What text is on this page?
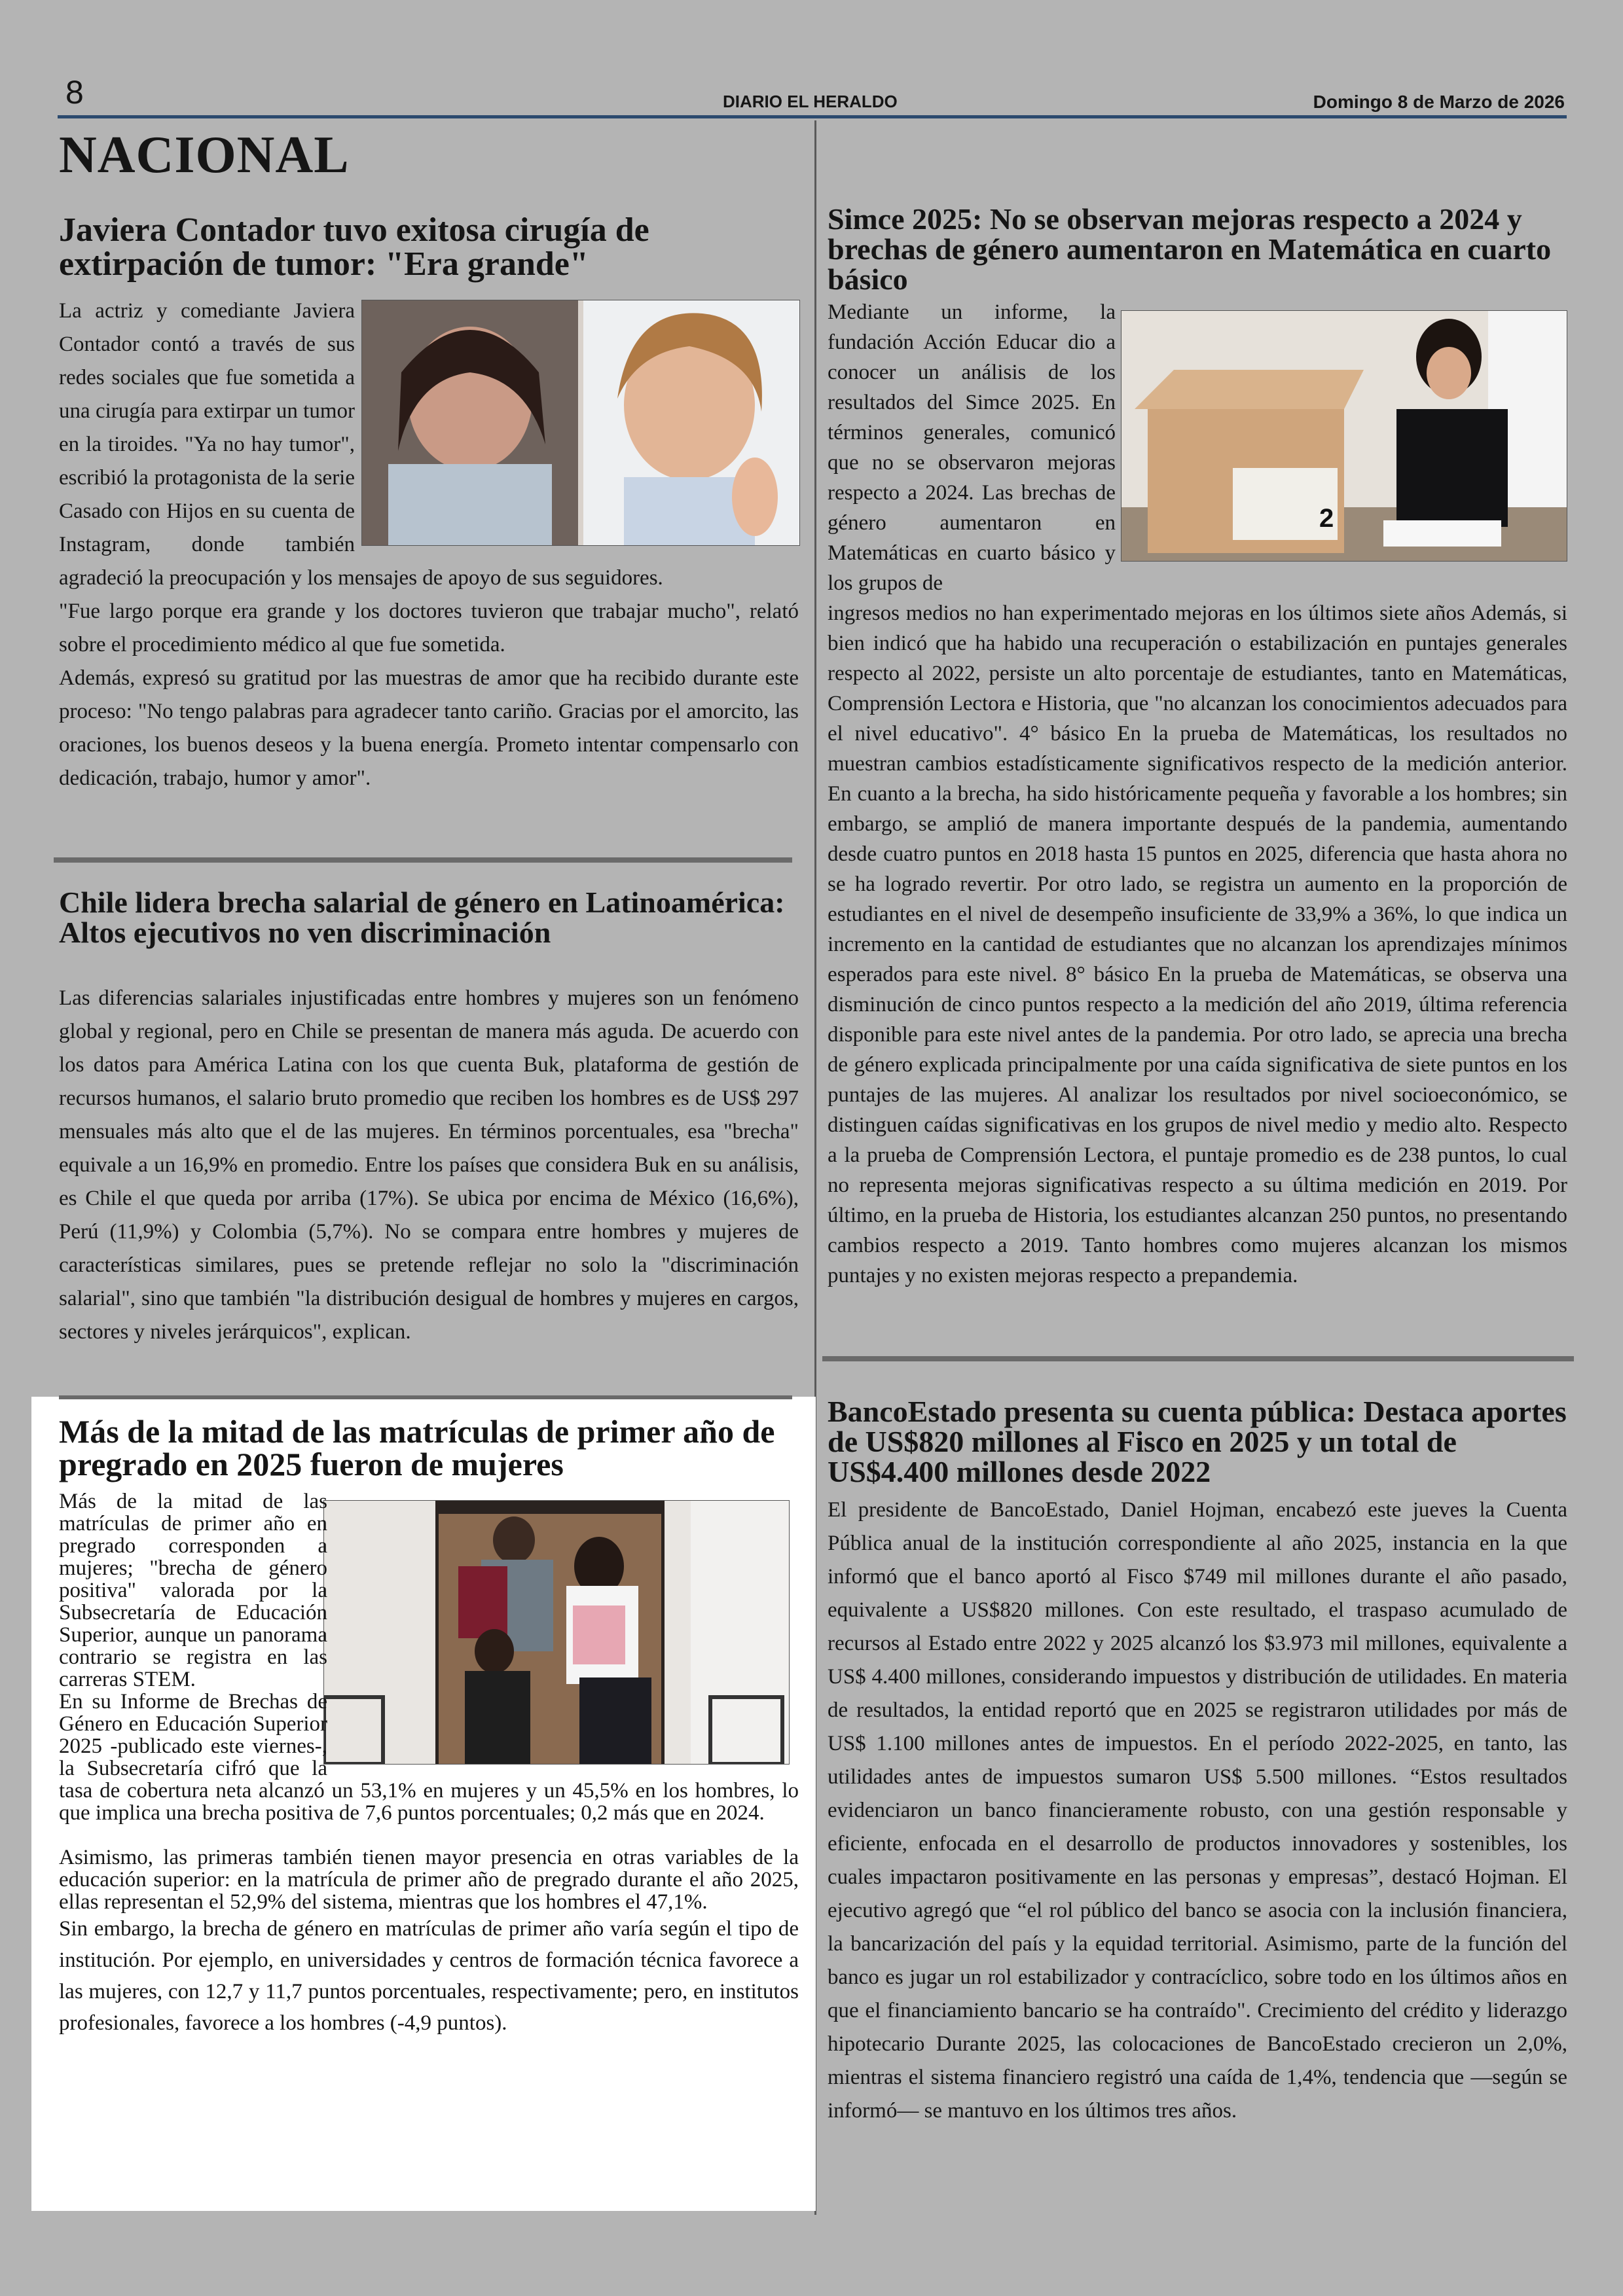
8	DIARIO EL HERALDO	Domingo 8 de Marzo de 2026
NACIONAL
Javiera Contador tuvo exitosa cirugía de extirpación de tumor: "Era grande"

La actriz y comediante Javiera Contador contó a través de sus redes sociales que fue sometida a una cirugía para extirpar un tumor en la tiroides. "Ya no hay tumor", escribió la protagonista de la serie Casado con Hijos en su cuenta de Instagram, donde también agradeció la preocupación y los mensajes de apoyo de sus seguidores.

"Fue largo porque era grande y los doctores tuvieron que trabajar mucho", relató sobre el procedimiento médico al que fue sometida.

Además, expresó su gratitud por las muestras de amor que ha recibido durante este proceso: "No tengo palabras para agradecer tanto cariño. Gracias por el amorcito, las oraciones, los buenos deseos y la buena energía. Prometo intentar compensarlo con dedicación, trabajo, humor y amor".

Chile lidera brecha salarial de género en Latinoamérica: Altos ejecutivos no ven discriminación

Las diferencias salariales injustificadas entre hombres y mujeres son un fenómeno global y regional, pero en Chile se presentan de manera más aguda. De acuerdo con los datos para América Latina con los que cuenta Buk, plataforma de gestión de recursos humanos, el salario bruto promedio que reciben los hombres es de US$ 297 mensuales más alto que el de las mujeres. En términos porcentuales, esa "brecha" equivale a un 16,9% en promedio. Entre los países que considera Buk en su análisis, es Chile el que queda por arriba (17%). Se ubica por encima de México (16,6%), Perú (11,9%) y Colombia (5,7%). No se compara entre hombres y mujeres de características similares, pues se pretende reflejar no solo la "discriminación salarial", sino que también "la distribución desigual de hombres y mujeres en cargos, sectores y niveles jerárquicos", explican.

Más de la mitad de las matrículas de primer año de pregrado en 2025 fueron de mujeres

Más de la mitad de las matrículas de primer año en pregrado corresponden a mujeres; "brecha de género positiva" valorada por la Subsecretaría de Educación Superior, aunque un panorama contrario se registra en las carreras STEM.

En su Informe de Brechas de Género en Educación Superior 2025 -publicado este viernes-, la Subsecretaría cifró que la tasa de cobertura neta alcanzó un 53,1% en mujeres y un 45,5% en los hombres, lo que implica una brecha positiva de 7,6 puntos porcentuales; 0,2 más que en 2024.

Asimismo, las primeras también tienen mayor presencia en otras variables de la educación superior: en la matrícula de primer año de pregrado durante el año 2025, ellas representan el 52,9% del sistema, mientras que los hombres el 47,1%.

Sin embargo, la brecha de género en matrículas de primer año varía según el tipo de institución. Por ejemplo, en universidades y centros de formación técnica favorece a las mujeres, con 12,7 y 11,7 puntos porcentuales, respectivamente; pero, en institutos profesionales, favorece a los hombres (-4,9 puntos).

Simce 2025: No se observan mejoras respecto a 2024 y brechas de género aumentaron en Matemática en cuarto básico
2

Mediante un informe, la fundación Acción Educar dio a conocer un análisis de los resultados del Simce 2025. En términos generales, comunicó que no se observaron mejoras respecto a 2024. Las brechas de género aumentaron en Matemáticas en cuarto básico y los grupos de

ingresos medios no han experimentado mejoras en los últimos siete años Además, si bien indicó que ha habido una recuperación o estabilización en puntajes generales respecto al 2022, persiste un alto porcentaje de estudiantes, tanto en Matemáticas, Comprensión Lectora e Historia, que "no alcanzan los conocimientos adecuados para el nivel educativo". 4° básico En la prueba de Matemáticas, los resultados no muestran cambios estadísticamente significativos respecto de la medición anterior. En cuanto a la brecha, ha sido históricamente pequeña y favorable a los hombres; sin embargo, se amplió de manera importante después de la pandemia, aumentando desde cuatro puntos en 2018 hasta 15 puntos en 2025, diferencia que hasta ahora no se ha logrado revertir. Por otro lado, se registra un aumento en la proporción de estudiantes en el nivel de desempeño insuficiente de 33,9% a 36%, lo que indica un incremento en la cantidad de estudiantes que no alcanzan los aprendizajes mínimos esperados para este nivel. 8° básico En la prueba de Matemáticas, se observa una disminución de cinco puntos respecto a la medición del año 2019, última referencia disponible para este nivel antes de la pandemia. Por otro lado, se aprecia una brecha de género explicada principalmente por una caída significativa de siete puntos en los puntajes de las mujeres. Al analizar los resultados por nivel socioeconómico, se distinguen caídas significativas en los grupos de nivel medio y medio alto. Respecto a la prueba de Comprensión Lectora, el puntaje promedio es de 238 puntos, lo cual no representa mejoras significativas respecto a su última medición en 2019. Por último, en la prueba de Historia, los estudiantes alcanzan 250 puntos, no presentando cambios respecto a 2019. Tanto hombres como mujeres alcanzan los mismos puntajes y no existen mejoras respecto a prepandemia.

BancoEstado presenta su cuenta pública: Destaca aportes de US$820 millones al Fisco en 2025 y un total de US$4.400 millones desde 2022

El presidente de BancoEstado, Daniel Hojman, encabezó este jueves la Cuenta Pública anual de la institución correspondiente al año 2025, instancia en la que informó que el banco aportó al Fisco $749 mil millones durante el año pasado, equivalente a US$820 millones. Con este resultado, el traspaso acumulado de recursos al Estado entre 2022 y 2025 alcanzó los $3.973 mil millones, equivalente a US$ 4.400 millones, considerando impuestos y distribución de utilidades. En materia de resultados, la entidad reportó que en 2025 se registraron utilidades por más de US$ 1.100 millones antes de impuestos. En el período 2022-2025, en tanto, las utilidades antes de impuestos sumaron US$ 5.500 millones. “Estos resultados evidenciaron un banco financieramente robusto, con una gestión responsable y eficiente, enfocada en el desarrollo de productos innovadores y sostenibles, los cuales impactaron positivamente en las personas y empresas”, destacó Hojman. El ejecutivo agregó que “el rol público del banco se asocia con la inclusión financiera, la bancarización del país y la equidad territorial. Asimismo, parte de la función del banco es jugar un rol estabilizador y contracíclico, sobre todo en los últimos años en que el financiamiento bancario se ha contraído". Crecimiento del crédito y liderazgo hipotecario Durante 2025, las colocaciones de BancoEstado crecieron un 2,0%, mientras el sistema financiero registró una caída de 1,4%, tendencia que —según se informó— se mantuvo en los últimos tres años.
